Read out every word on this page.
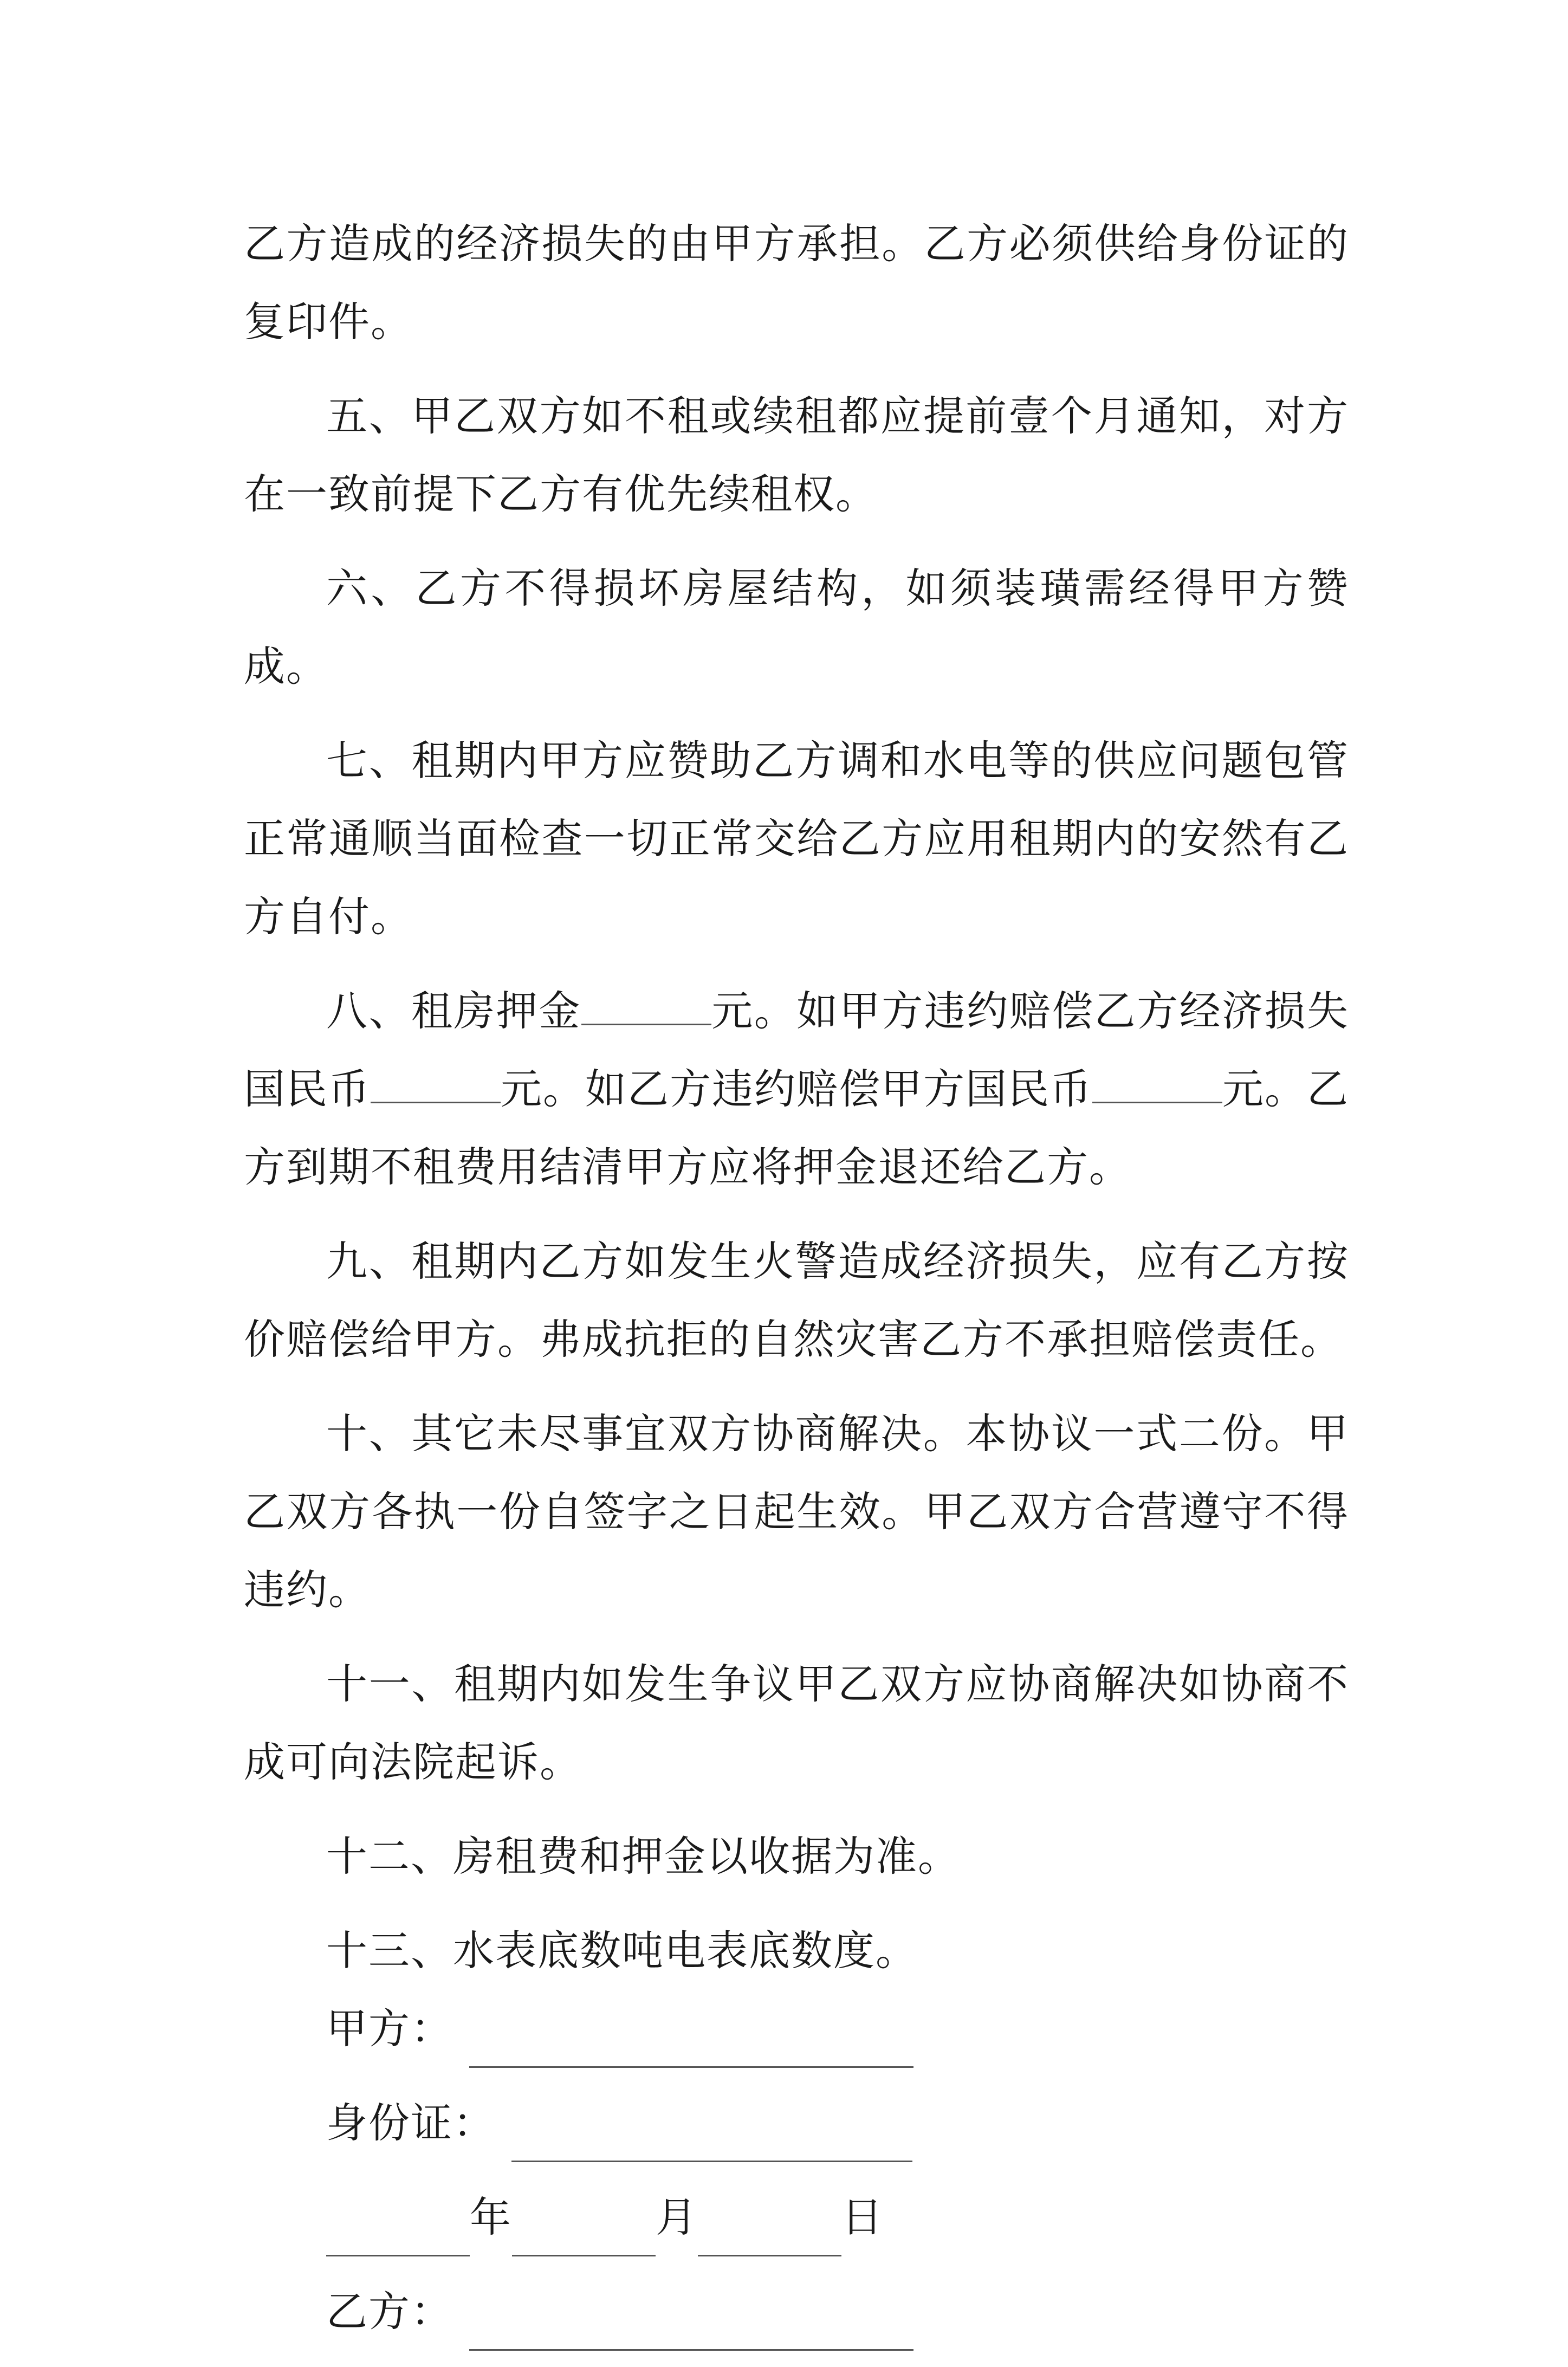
乙方造成的经济损失的由甲方承担。乙方必须供给身份证的复印件。

五、甲乙双方如不租或续租都应提前壹个月通知，对方在一致前提下乙方有优先续租权。

六、乙方不得损坏房屋结构，如须装璜需经得甲方赞成。

七、租期内甲方应赞助乙方调和水电等的供应问题包管正常通顺当面检查一切正常交给乙方应用租期内的安然有乙方自付。

八、租房押金	元。如甲方违约赔偿乙方经济损失国民币	元。如乙方违约赔偿甲方国民币	元。乙方到期不租费用结清甲方应将押金退还给乙方。

九、租期内乙方如发生火警造成经济损失，应有乙方按价赔偿给甲方。弗成抗拒的自然灾害乙方不承担赔偿责任。

十、其它未尽事宜双方协商解决。本协议一式二份。甲乙双方各执一份自签字之日起生效。甲乙双方合营遵守不得违约。

十一、租期内如发生争议甲乙双方应协商解决如协商不成可向法院起诉。

十二、房租费和押金以收据为准。

十三、水表底数吨电表底数度。

甲方：
身份证：
年	月	日
乙方：
